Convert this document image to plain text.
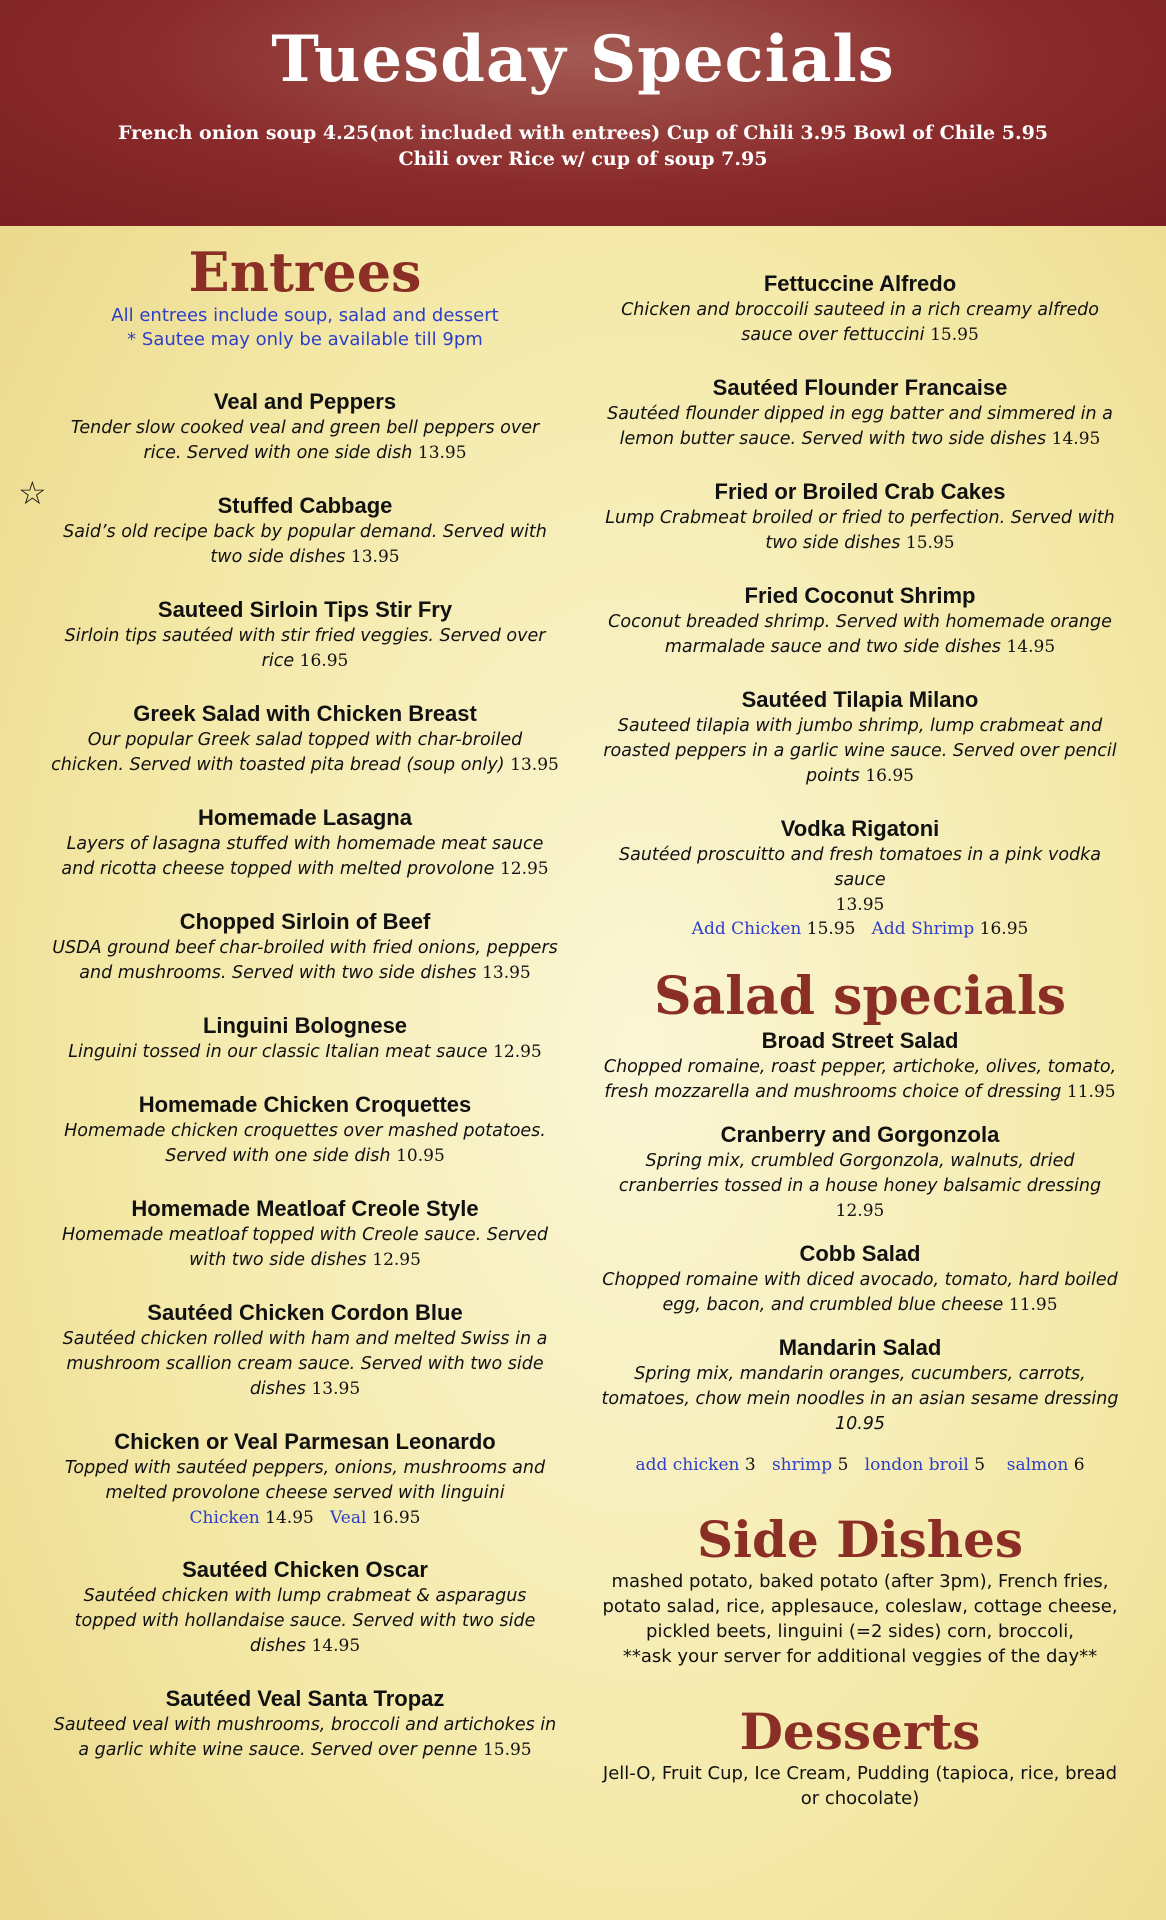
Tuesday Specials
French onion soup 4.25(not included with entrees) Cup of Chili 3.95 Bowl of Chile 5.95
Chili over Rice w/ cup of soup 7.95
☆
Entrees
All entrees include soup, salad and dessert
* Sautee may only be available till 9pm
Veal and Peppers
Tender slow cooked veal and green bell peppers over rice. Served with one side dish 13.95
Stuffed Cabbage
Said’s old recipe back by popular demand. Served with two side dishes 13.95
Sauteed Sirloin Tips Stir Fry
Sirloin tips sautéed with stir fried veggies. Served over rice 16.95
Greek Salad with Chicken Breast
Our popular Greek salad topped with char-broiled chicken. Served with toasted pita bread (soup only) 13.95
Homemade Lasagna
Layers of lasagna stuffed with homemade meat sauce and ricotta cheese topped with melted provolone 12.95
Chopped Sirloin of Beef
USDA ground beef char-broiled with fried onions, peppers and mushrooms. Served with two side dishes 13.95
Linguini Bolognese
Linguini tossed in our classic Italian meat sauce 12.95
Homemade Chicken Croquettes
Homemade chicken croquettes over mashed potatoes. Served with one side dish 10.95
Homemade Meatloaf Creole Style
Homemade meatloaf topped with Creole sauce. Served with two side dishes 12.95
Sautéed Chicken Cordon Blue
Sautéed chicken rolled with ham and melted Swiss in a mushroom scallion cream sauce. Served with two side dishes 13.95
Chicken or Veal Parmesan Leonardo
Topped with sautéed peppers, onions, mushrooms and melted provolone cheese served with linguini
Chicken 14.95 Veal 16.95
Sautéed Chicken Oscar
Sautéed chicken with lump crabmeat & asparagus topped with hollandaise sauce. Served with two side dishes 14.95
Sautéed Veal Santa Tropaz
Sauteed veal with mushrooms, broccoli and artichokes in a garlic white wine sauce. Served over penne 15.95
Fettuccine Alfredo
Chicken and broccoili sauteed in a rich creamy alfredo sauce over fettuccini 15.95
Sautéed Flounder Francaise
Sautéed flounder dipped in egg batter and simmered in a lemon butter sauce. Served with two side dishes 14.95
Fried or Broiled Crab Cakes
Lump Crabmeat broiled or fried to perfection. Served with two side dishes 15.95
Fried Coconut Shrimp
Coconut breaded shrimp. Served with homemade orange marmalade sauce and two side dishes 14.95
Sautéed Tilapia Milano
Sauteed tilapia with jumbo shrimp, lump crabmeat and roasted peppers in a garlic wine sauce. Served over pencil points 16.95
Vodka Rigatoni
Sautéed proscuitto and fresh tomatoes in a pink vodka sauce
13.95
Add Chicken 15.95 Add Shrimp 16.95
Salad specials
Broad Street Salad
Chopped romaine, roast pepper, artichoke, olives, tomato, fresh mozzarella and mushrooms choice of dressing 11.95
Cranberry and Gorgonzola
Spring mix, crumbled Gorgonzola, walnuts, dried cranberries tossed in a house honey balsamic dressing 12.95
Cobb Salad
Chopped romaine with diced avocado, tomato, hard boiled egg, bacon, and crumbled blue cheese 11.95
Mandarin Salad
Spring mix, mandarin oranges, cucumbers, carrots, tomatoes, chow mein noodles in an asian sesame dressing 10.95
add chicken 3 shrimp 5 london broil 5 salmon 6
Side Dishes
mashed potato, baked potato (after 3pm), French fries, potato salad, rice, applesauce, coleslaw, cottage cheese, pickled beets, linguini (=2 sides) corn, broccoli,
**ask your server for additional veggies of the day**
Desserts
Jell-O, Fruit Cup, Ice Cream, Pudding (tapioca, rice, bread or chocolate)
